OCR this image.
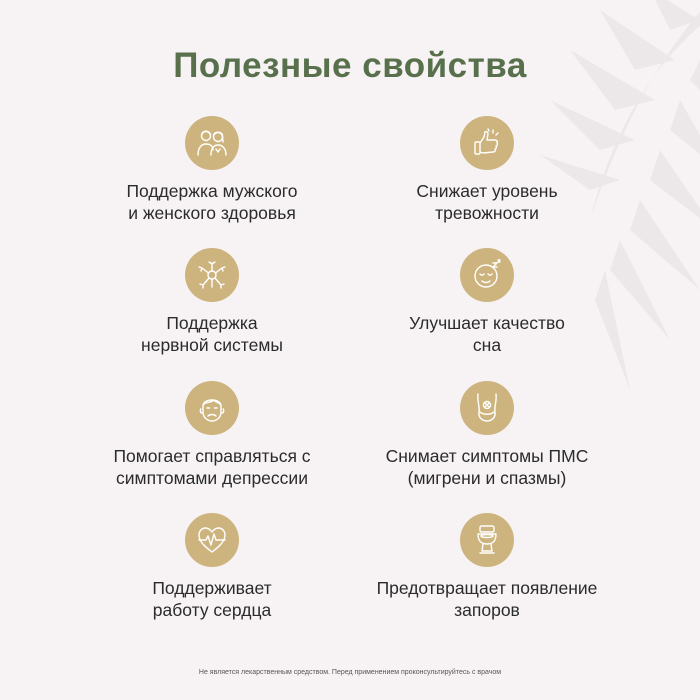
Полезные свойства
Поддержка мужского
и женского здоровья
Снижает уровень
тревожности
Поддержка
нервной системы
Улучшает качество
сна
Помогает справляться с
симптомами депрессии
Снимает симптомы ПМС
(мигрени и спазмы)
Поддерживает
работу сердца
Предотвращает появление
запоров
Не является лекарственным средством. Перед применением проконсультируйтесь с врачом
